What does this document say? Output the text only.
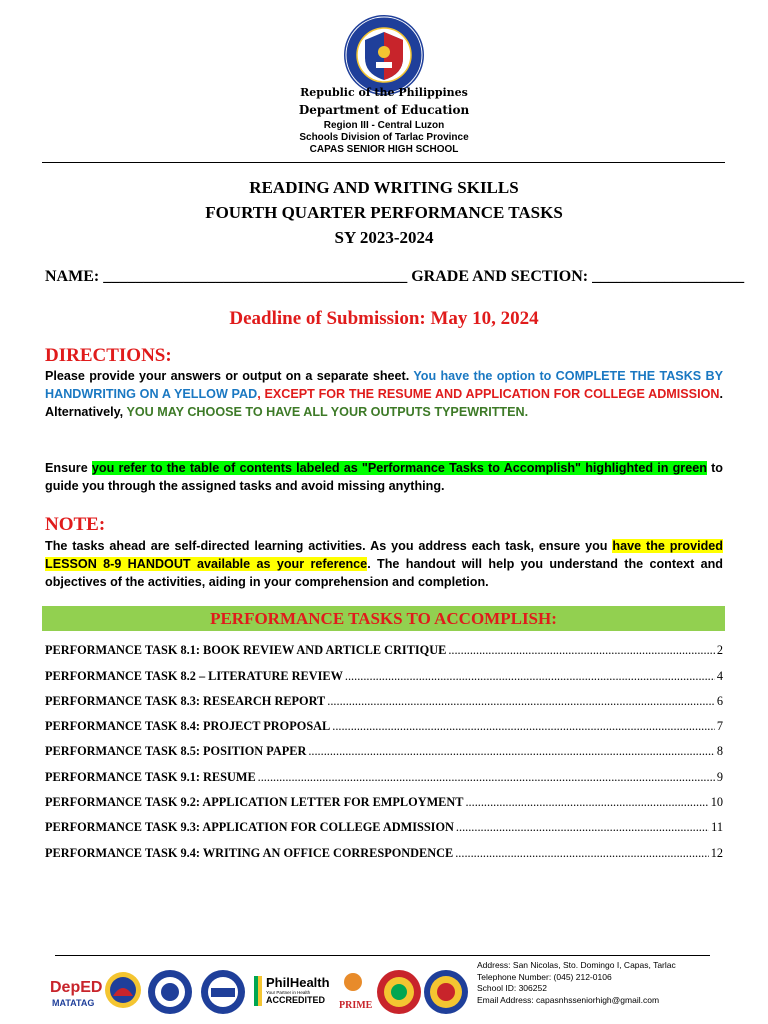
Republic of the Philippines
Department of Education
Region III - Central Luzon
Schools Division of Tarlac Province
CAPAS SENIOR HIGH SCHOOL
READING AND WRITING SKILLS
FOURTH QUARTER PERFORMANCE TASKS
SY 2023-2024
NAME: ______________________________________ GRADE AND SECTION: ___________________
Deadline of Submission: May 10, 2024
DIRECTIONS:
Please provide your answers or output on a separate sheet. You have the option to COMPLETE THE TASKS BY HANDWRITING ON A YELLOW PAD, EXCEPT FOR THE RESUME AND APPLICATION FOR COLLEGE ADMISSION. Alternatively, YOU MAY CHOOSE TO HAVE ALL YOUR OUTPUTS TYPEWRITTEN.
Ensure you refer to the table of contents labeled as "Performance Tasks to Accomplish" highlighted in green to guide you through the assigned tasks and avoid missing anything.
NOTE:
The tasks ahead are self-directed learning activities. As you address each task, ensure you have the provided LESSON 8-9 HANDOUT available as your reference. The handout will help you understand the context and objectives of the activities, aiding in your comprehension and completion.
PERFORMANCE TASKS TO ACCOMPLISH:
PERFORMANCE TASK 8.1: BOOK REVIEW AND ARTICLE CRITIQUE .....	2
PERFORMANCE TASK 8.2 – LITERATURE REVIEW .....	4
PERFORMANCE TASK 8.3: RESEARCH REPORT .....	6
PERFORMANCE TASK 8.4: PROJECT PROPOSAL .....	7
PERFORMANCE TASK 8.5: POSITION PAPER .....	8
PERFORMANCE TASK 9.1: RESUME .....	9
PERFORMANCE TASK 9.2: APPLICATION LETTER FOR EMPLOYMENT .....	10
PERFORMANCE TASK 9.3: APPLICATION FOR COLLEGE ADMISSION .....	11
PERFORMANCE TASK 9.4: WRITING AN OFFICE CORRESPONDENCE .....	12
DepED
MATATAG
PhilHealth
Your Partner in Health
ACCREDITED PRIME
Address: San Nicolas, Sto. Domingo I, Capas, Tarlac
Telephone Number: (045) 212-0106
School ID: 306252
Email Address: capasnhsseniorhigh@gmail.com
